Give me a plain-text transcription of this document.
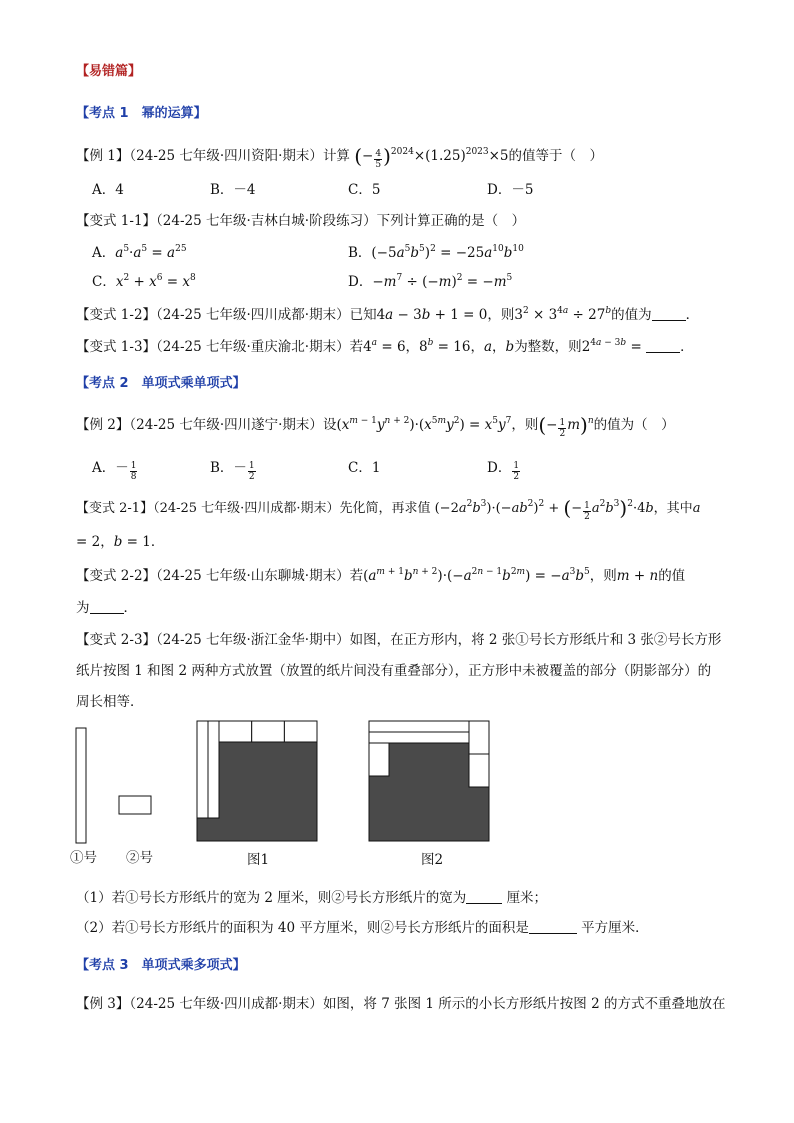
【易错篇】
【考点 1　幂的运算】
【例 1】（24-25 七年级·四川资阳·期末）计算 (− $\frac{4}{5} )^{2024}\times(1.25)^{2023}\times 5$的值等于（　）
A．4	B．－4	C．5	D．－5
【变式 1-1】（24-25 七年级·吉林白城·阶段练习）下列计算正确的是（　）
A．$a^5\cdot a^5 = a^{25}$	B．$(-5a^5b^5)^2 = -25a^{10}b^{10}$
C．$x^2 + x^6 = x^8$	D．$-m^7 \div (-m)^2 = -m^5$
【变式 1-2】（24-25 七年级·四川成都·期末）已知4a − 3b + 1 = 0，则$3^2 \times 3^{4a} \div 27^b$的值为	．
【变式 1-3】（24-25 七年级·重庆渝北·期末）若$4^a = 6$，$8^b = 16$，a，b为整数，则$2^{4a - 3b}$ =	．
【考点 2　单项式乘单项式】
【例 2】（24-25 七年级·四川遂宁·期末）设$(x^{m - 1}y^{n + 2})\cdot(x^{5m}y^2) = x^5y^7$，则(− $\frac{1}{2} m)^n$的值为（　）
A．－ $\frac{1}{8}$	B．－ $\frac{1}{2}$	C．1	D． $\frac{1}{2}$
【变式 2-1】（24-25 七年级·四川成都·期末）先化简，再求值 $(-2a^2b^3)\cdot(-ab^2)^2$ + (− $\frac{1}{2} a^2b^3)^2\cdot 4b$，其中a
= 2，b = 1．
【变式 2-2】（24-25 七年级·山东聊城·期末）若$(a^{m + 1}b^{n + 2})\cdot(-a^{2n - 1}b^{2m}) = -a^3b^5$，则m + n的值
为	．
【变式 2-3】（24-25 七年级·浙江金华·期中）如图，在正方形内，将 2 张①号长方形纸片和 3 张②号长方形
纸片按图 1 和图 2 两种方式放置（放置的纸片间没有重叠部分），正方形中未被覆盖的部分（阴影部分）的
周长相等．
①号 ②号	图1	图2
（1）若①号长方形纸片的宽为 2 厘米，则②号长方形纸片的宽为	厘米；
（2）若①号长方形纸片的面积为 40 平方厘米，则②号长方形纸片的面积是	平方厘米．
【考点 3　单项式乘多项式】
【例 3】（24-25 七年级·四川成都·期末）如图，将 7 张图 1 所示的小长方形纸片按图 2 的方式不重叠地放在
